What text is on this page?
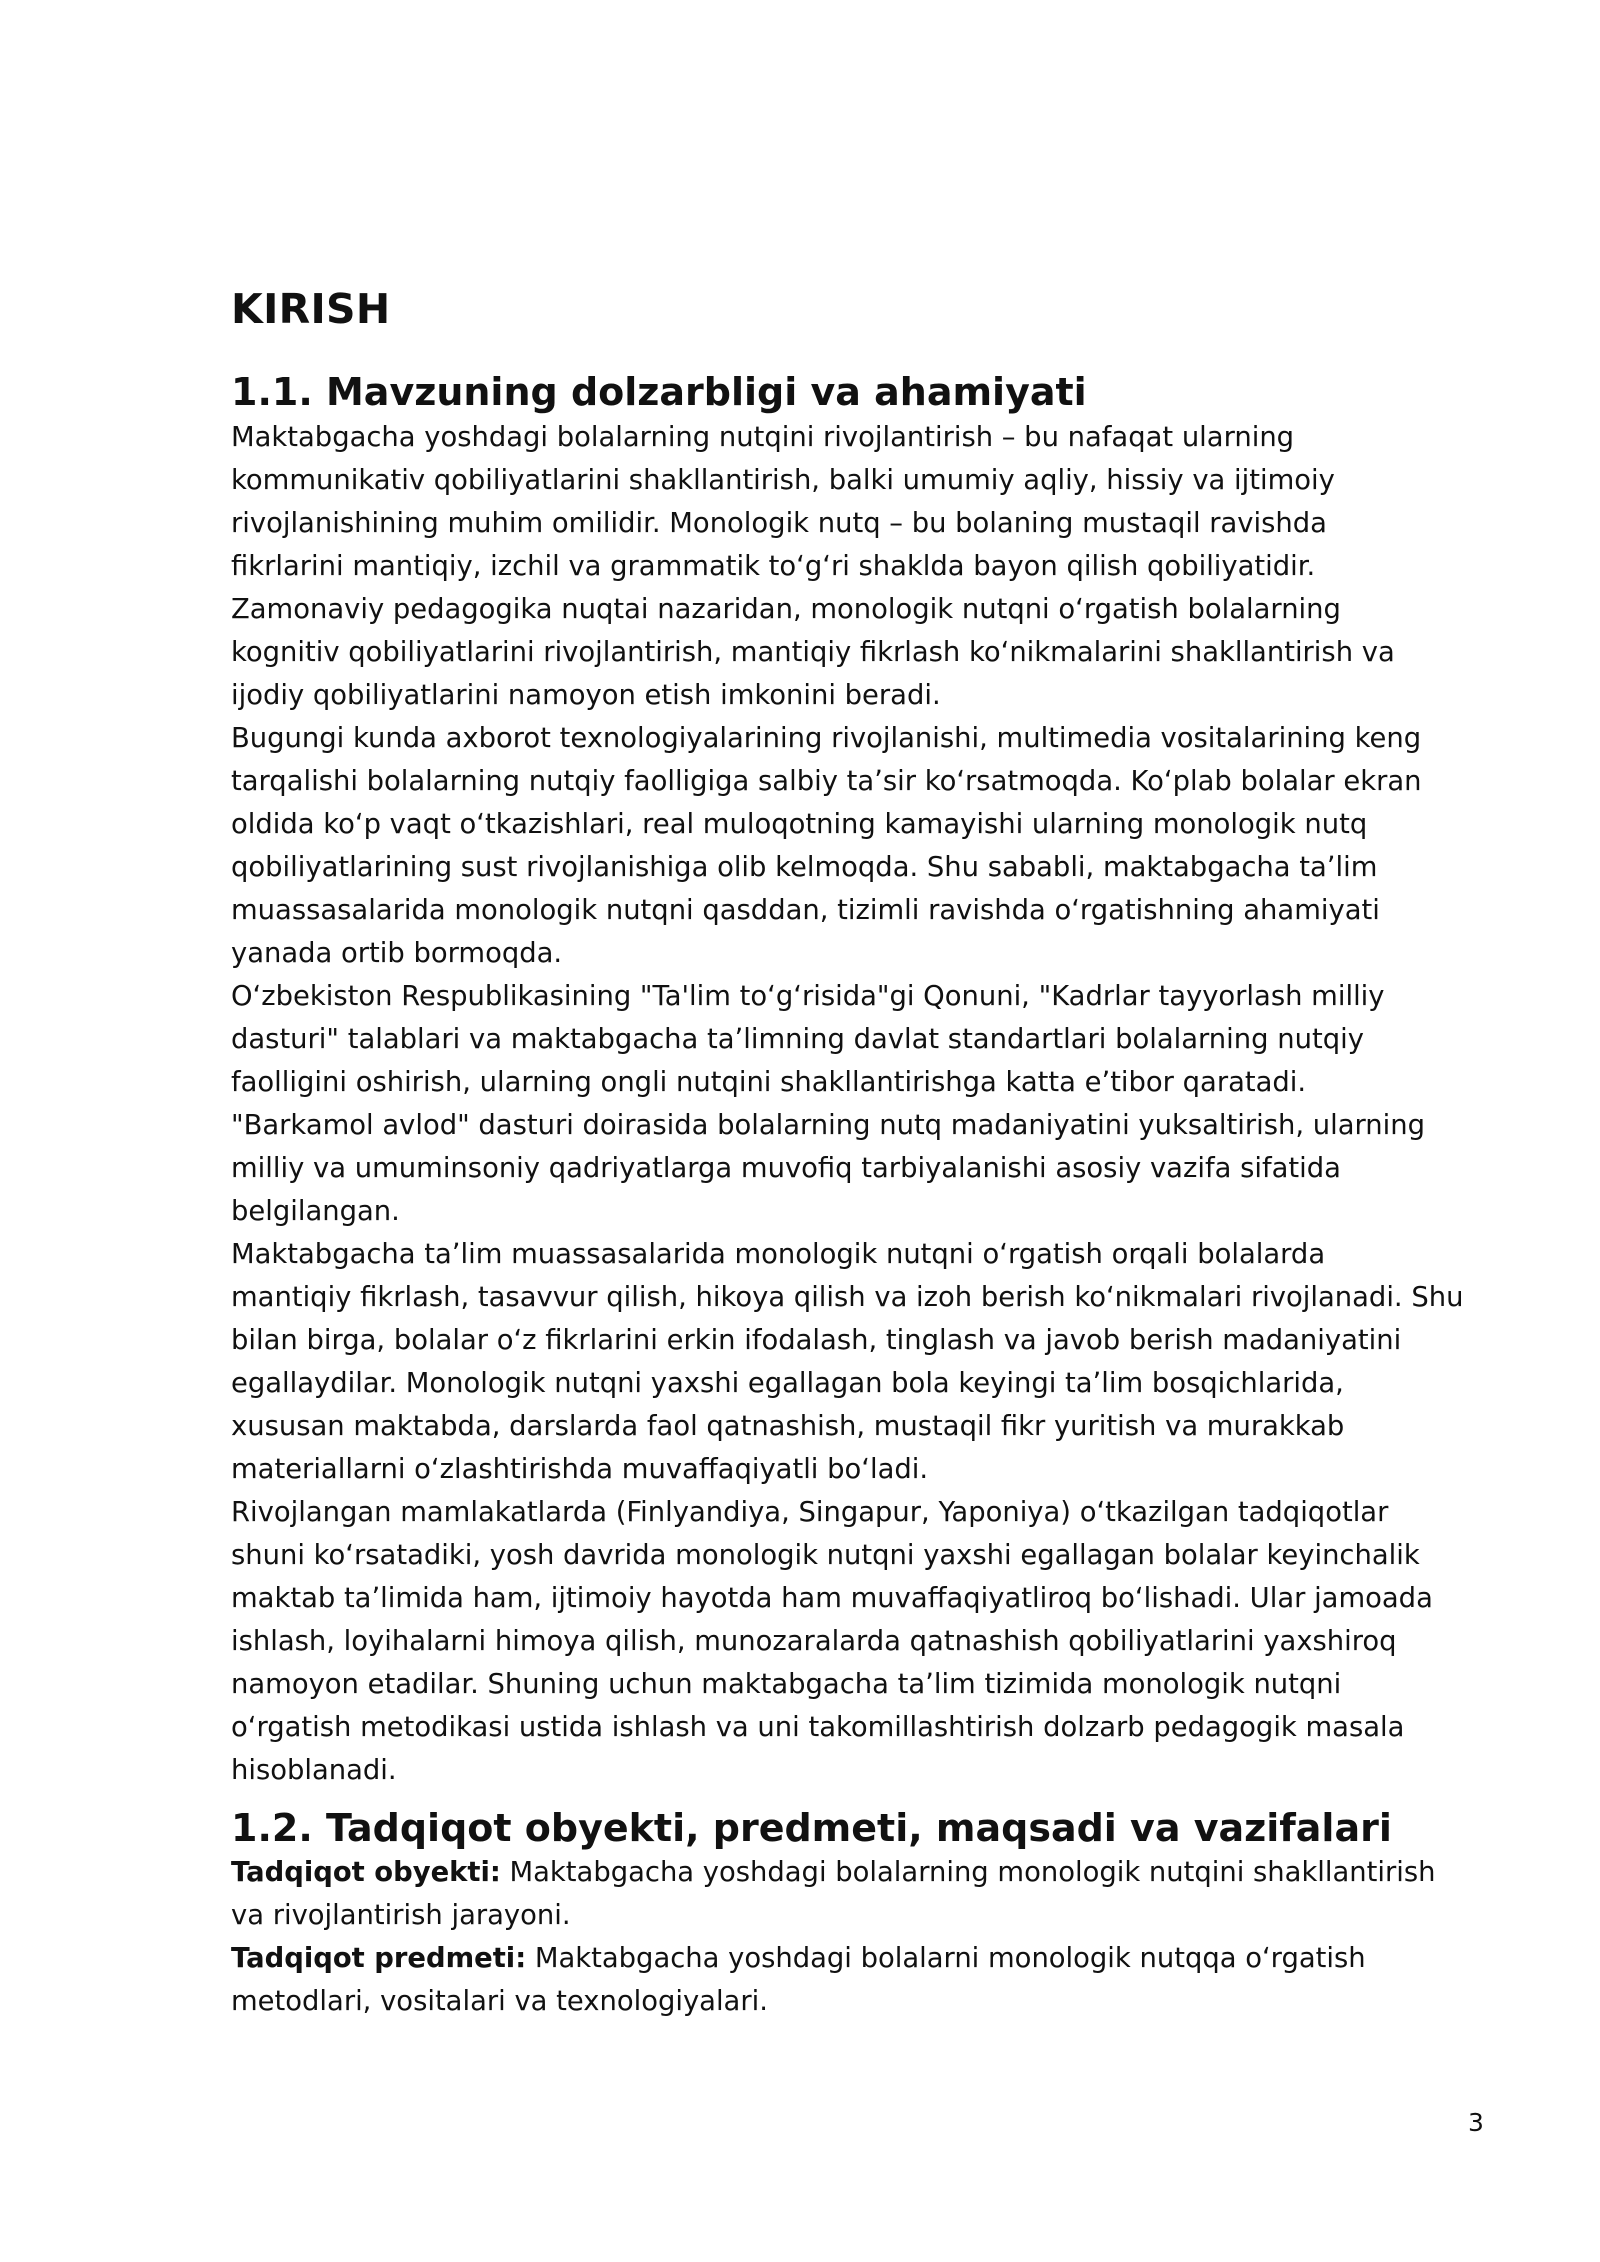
KIRISH
1.1. Mavzuning dolzarbligi va ahamiyati

Maktabgacha yoshdagi bolalarning nutqini rivojlantirish – bu nafaqat ularning
kommunikativ qobiliyatlarini shakllantirish, balki umumiy aqliy, hissiy va ijtimoiy
rivojlanishining muhim omilidir. Monologik nutq – bu bolaning mustaqil ravishda
fikrlarini mantiqiy, izchil va grammatik toʻgʻri shaklda bayon qilish qobiliyatidir.
Zamonaviy pedagogika nuqtai nazaridan, monologik nutqni oʻrgatish bolalarning
kognitiv qobiliyatlarini rivojlantirish, mantiqiy fikrlash koʻnikmalarini shakllantirish va
ijodiy qobiliyatlarini namoyon etish imkonini beradi.

Bugungi kunda axborot texnologiyalarining rivojlanishi, multimedia vositalarining keng
tarqalishi bolalarning nutqiy faolligiga salbiy taʼsir koʻrsatmoqda. Koʻplab bolalar ekran
oldida koʻp vaqt oʻtkazishlari, real muloqotning kamayishi ularning monologik nutq
qobiliyatlarining sust rivojlanishiga olib kelmoqda. Shu sababli, maktabgacha taʼlim
muassasalarida monologik nutqni qasddan, tizimli ravishda oʻrgatishning ahamiyati
yanada ortib bormoqda.

Oʻzbekiston Respublikasining "Ta'lim toʻgʻrisida"gi Qonuni, "Kadrlar tayyorlash milliy
dasturi" talablari va maktabgacha taʼlimning davlat standartlari bolalarning nutqiy
faolligini oshirish, ularning ongli nutqini shakllantirishga katta eʼtibor qaratadi.
"Barkamol avlod" dasturi doirasida bolalarning nutq madaniyatini yuksaltirish, ularning
milliy va umuminsoniy qadriyatlarga muvofiq tarbiyalanishi asosiy vazifa sifatida
belgilangan.

Maktabgacha taʼlim muassasalarida monologik nutqni oʻrgatish orqali bolalarda
mantiqiy fikrlash, tasavvur qilish, hikoya qilish va izoh berish koʻnikmalari rivojlanadi. Shu
bilan birga, bolalar oʻz fikrlarini erkin ifodalash, tinglash va javob berish madaniyatini
egallaydilar. Monologik nutqni yaxshi egallagan bola keyingi taʼlim bosqichlarida,
xususan maktabda, darslarda faol qatnashish, mustaqil fikr yuritish va murakkab
materiallarni oʻzlashtirishda muvaffaqiyatli boʻladi.

Rivojlangan mamlakatlarda (Finlyandiya, Singapur, Yaponiya) oʻtkazilgan tadqiqotlar
shuni koʻrsatadiki, yosh davrida monologik nutqni yaxshi egallagan bolalar keyinchalik
maktab taʼlimida ham, ijtimoiy hayotda ham muvaffaqiyatliroq boʻlishadi. Ular jamoada
ishlash, loyihalarni himoya qilish, munozaralarda qatnashish qobiliyatlarini yaxshiroq
namoyon etadilar. Shuning uchun maktabgacha taʼlim tizimida monologik nutqni
oʻrgatish metodikasi ustida ishlash va uni takomillashtirish dolzarb pedagogik masala
hisoblanadi.

1.2. Tadqiqot obyekti, predmeti, maqsadi va vazifalari

Tadqiqot obyekti: Maktabgacha yoshdagi bolalarning monologik nutqini shakllantirish
va rivojlantirish jarayoni.

Tadqiqot predmeti: Maktabgacha yoshdagi bolalarni monologik nutqqa oʻrgatish
metodlari, vositalari va texnologiyalari.

3
